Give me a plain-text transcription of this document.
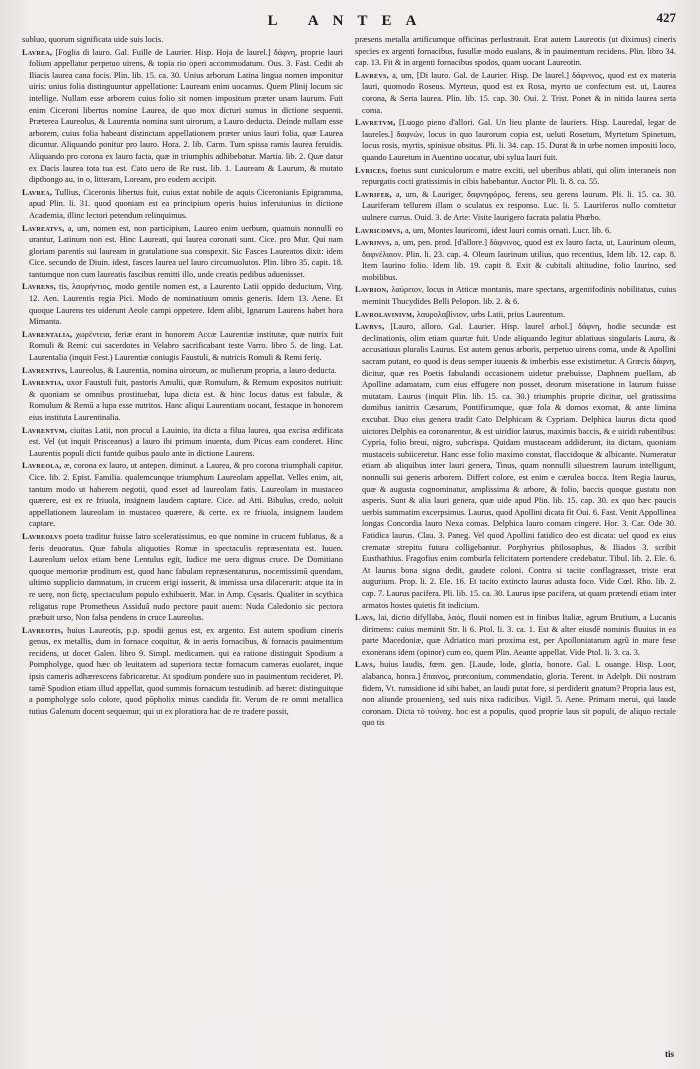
L ANTEA	427

subluo, quorum significata uide suis locis.

Lavrea, [Foglia di lauro. Gal. Fuille de Laurier. Hisp. Hoja de laurel.] δάφνη, proprie lauri folium appellatur perpetuo uirens, & topia rio operi accommodatum. Ous. 3. Fast. Cedit ab Iliacis laurea cana focis. Plin. lib. 15. ca. 30. Unius arborum Latina lingua nomen imponitur uiris: unius folia distinguuntur appellatione: Lauream enim uocamus. Quem Plinij locum sic intellige. Nullam esse arborem cuius folio sit nomen impositum præter unam laurum. Fuit enim Ciceroni libertus nomine Laurea, de quo mox dicturi sumus in dictione sequenti. Præterea Laureolus, & Laurentia nomina sunt uirorum, a Lauro deducta. Deinde nullam esse arborem, cuius folia habeant distinctam appellationem præter unius lauri folia, quæ Laurea dicuntur. Aliquando ponitur pro lauro. Hora. 2. lib. Carm. Tum spissa ramis laurea feruidis. Aliquando pro corona ex lauro facta, quæ in triumphis adhibebatur. Martia. lib. 2. Quæ datur ex Dacis laurea tota tua est. Cato uero de Re rust. lib. 1. Lauream & Laurum, & mutato dipthongo au, in o, litteram, Loream, pro eodem accipit.

Lavrea, Tullius, Ciceronis libertus fuit, cuius extat nobile de aquis Ciceronianis Epigramma, apud Plin. li. 31. quod quoniam est ea principium operis huius inferuiunius in dictione Academia, illinc lectori petendum relinquimus.

Lavreatvs, a, um, nomen est, non participium, Laureo enim uerbum, quamuis nonnulli eo urantur, Latinum non est. Hinc Laureati, qui laurea coronati sunt. Cice. pro Mur. Qui nam gloriam parentis sui lauream in gratulatione sua conspexit. Sic Fasces Laureatos dixit: idem Cice. secundo de Diuin. idest, fasces laurea uel lauro circumuolutos. Plin. libro 35. capit. 18. tantumque non cum laureatis fascibus remitti illo, unde creatis pedibus aduenisset.

Lavrens, tis, λαυρήντιος, modo gentile nomen est, a Laurento Latii oppido deductum, Virg. 12. Aen. Laurentis regia Pici. Modo de nominatiuum omnis generis. Idem 13. Aene. Et quoque Laurens tes uiderunt Aeole campi oppetere. Idem alibi, Ignarum Laurens habet hora Mimanta.

Lavrentalia, χωρέντεια, feriæ erant in honorem Accæ Laurentiæ institutæ, quæ nutrix fuit Romuli & Remi: cui sacerdotes in Velabro sacrificabant teste Varro. libro 5. de ling. Lat. Laurentalia (inquit Fest.) Laurentiæ coniugis Faustuli, & nutricis Romuli & Remi ferię.

Lavrentivs, Laureolus, & Laurentia, nomina uirorum, ac mulierum propria, a lauro deducta.

Lavrentia, uxor Faustuli fuit, pastoris Amulii, quæ Romulum, & Remum expositos nutriuit: & quoniam se omnibus prostituebat, lupa dicta est. & hinc locus datus est fabulæ, & Romulum & Remū a lupa esse nutritos. Hanc aliqui Laurentiam uocant, festaque in honorem eius instituta Laurentinalia.

Lavrentvm, ciuitas Latii, non procul a Lauinio, ita dicta a filua laurea, qua excisa ædificata est. Vel (ut inquit Prisceanus) a lauro ibi primum inuenta, dum Picus eam conderet. Hinc Laurentis populi dicti funtde quibus paulo ante in dictione Laurens.

Lavreola, æ, corona ex lauro, ut antepen. diminut. a Laurea, & pro corona triumphali capitur. Cice. lib. 2. Epist. Familia. qualemcunque triumphum Laureolam appellat. Velles enim, ait, tantum modo ut haberem negotii, quod esset ad laureolam fatis. Laureolam in mustaceo quærere, est ex re friuola, insignem laudem captare. Cice. ad Atti. Bibulus, credo, uoluit appellationem laureolam in mustaceo quærere, & certe. ex re friuola, insignem laudem captare.

Lavreolvs poeta traditur fuisse latro sceleratissimus, eo que nomine in crucem fublatus, & a feris deuoratus. Quæ fabula aliquoties Romæ in spectaculis repræsentata est. Iuuen. Laureolum uelox etiam bene Lentulus egit, Iudice me uera dignus cruce. De Domitiano quoque memoriæ proditum est, quod hanc fabulam repræsentaturus, nocentissimū quendam, ultimo supplicio damnatum, in crucem erigi iusserit, & immissa ursa dilacerarit: atque ita in re uerę, non fictę, spectaculum populo exhibuerit. Mar. in Amp. Cęsaris. Qualiter in scythica religatus rupe Prometheus Assiduâ nudo pectore pauit auem: Nuda Caledonio sic pectora præbuit urso, Non falsa pendens in cruce Laureolus.

Lavreotis, huius Laureotis, p.p. spodii genus est, ex argento. Est autem spodium cineris genus, ex metallis, dum in fornace coquitur, & in aeris fornacibus, & fornacis pauimentum recidens, ut docet Galen. libro 9. Simpl. medicamen. qui ea ratione distinguit Spodium a Pompholyge, quod hæc ob leuitatem ad superiora tectæ fornacum cameras euolaret, inque ipsis cameris adhærescens fabricaretur. At spodium pondere suo in pauimentum recideret. Pl. tamē Spodion etiam illud appellat, quod summis fornacum testudinib. ad hæret: distinguitque a pompholyge solo colore, quod pōpholix minus candida fit. Verum de re omni metallica tutius Galenum docent sequemur, qui ut ex ploratiora hac de re tradere possit,

præsens metalla artificumque officinas perlustrauit. Erat autem Laureotis (ut diximus) cineris species ex argenti fornacibus, fusullæ modo eualans, & in pauimentum recidens. Plin. libro 34. cap. 13. Fit & in argenti fornacibus spodos, quam uocant Laureotin.

Lavrevs, a, um, [Di lauro. Gal. de Laurier. Hisp. De laurel.] δάφνινος, quod est ex materia lauri, quomodo Roseus. Myrteus, quod est ex Rosa, myrto ue confectum est. ut, Laurea corona, & Serta laurea. Plin. lib. 15. cap. 30. Oui. 2. Trist. Ponet & in nitida laurea serta coma.

Lavretvm, [Luogo pieno d'allori. Gal. Un lieu plante de lauriers. Hisp. Lauredal, legar de laureles.] δαφνών, locus in quo laurorum copia est, ueluti Rosetum, Myrtetum Spinetum, locus rosis, myrtis, spinisue obsitus. Pli. li. 34. cap. 15. Durat & in urbe nomen impositi loco, quando Lauretum in Auentino uocatur, ubi sylua lauri fuit.

Lvrices, foetus sunt cuniculorum e matre exciti, uel uberibus ablati, qui olim interaneis non repurgatis cocti gratissimis in cibis habebantur. Auctor Pli. li. 8. ca. 55.

Lavrifer, a, um, & Lauriger, δαφνηφόρος, ferens, seu gerens laurum. Pli. li. 15. ca. 30. Lauriferam tellurem illam o sculatus ex responso. Luc. li. 5. Lauriferos nullo comitetur uulnere currus. Ouid. 3. de Arte: Visite laurigero facrata palatia Phœbo.

Lavricomvs, a, um, Montes lauricomi, idest lauri comis ornati. Lucr. lib. 6.

Lavrinvs, a, um, pen. prod. [d'allore.] δάφνινος, quod est ex lauro facta, ut, Laurinum oleum, δαφνέλαιον. Plin. li. 23. cap. 4. Oleum laurinum utilius, quo recentius, Idem lib. 12. cap. 8. Item laurino folio. Idem lib. 19. capit 8. Exit & cubitali altitudine, folio laurino, sed mobilibus.

Lavrion, λαύρειον, locus in Atticæ montanis, mare spectans, argentifodinis nobilitatus, cuius meminit Thucydides Belli Pelopon. lib. 2. & 6.

Lavrolavinivm, λαυρολαβίνιον, urbs Latii, prius Laurentum.

Lavrvs, [Lauro, alloro. Gal. Laurier. Hisp. laurel arbol.] δάφνη, hodie secundæ est declinationis, olim etiam quartæ fuit. Unde aliquando legitur ablatiuus singularis Lauru, & accusatiuus pluralis Laurus. Est autem genus arboris, perpetuo uirens coma, unde & Apollini sacram putant, eo quod is deus semper iuuenis & imberbis esse existimetur. A Græcis δάφνη, dicitur, quæ res Poetis fabulandi occasionem uidetur præbuisse, Daphnem puellam, ab Apolline adamatam, cum eius effugere non posset, deorum miseratione in laurum fuisse mutatam. Laurus (inquit Plin. lib. 15. ca. 30.) triumphis proprie dicitur, uel gratissima domibus ianitrix Cæsarum, Pontificumque, quæ fola & domos exornat, & ante limina excubat. Duo eius genera tradit Cato Delphicam & Cypriam. Delphica laurus dicta quod uictores Delphis ea coronarentur, & est uiridior laurus, maximis baccis, & e uiridi rubentibus: Cypria, folio breui, nigro, subcrispa. Quidam mustaceam addiderunt, ita dictam, quoniam mustaceis subiiceretur. Hanc esse folio maximo constat, flaccidoque & albicante. Numeratur etiam ab aliquibus inter lauri genera, Tinus, quam nonnulli siluestrem laurum intelligunt, nonnulli sui generis arborem. Differt colore, est enim e cærulea bocca. Item Regia laurus, quæ & augusta cognominatur, amplissima & arbore, & folio, baccis quoque gustatu non asperis. Sunt & alia lauri genera, quæ uide apud Plin. lib. 15. cap. 30. ex quo hæc paucis uerbis summatim excerpsimus. Laurus, quod Apollini dicata fit Oui. 6. Fast. Venit Appollinea longas Concordia lauro Nexa comas. Delphica lauro comam cingere. Hor. 3. Car. Ode 30. Fatidica laurus. Clau. 3. Paneg. Vel quod Apollini fatidico deo est dicata: uel quod ex eius crematæ strepitu futura colligebantur. Porphyrius philosophus, & Iliados 3. scribit Eusthathius. Fragofius enim comburla felicitatem portendere credebatur. Tibul. lib. 2. Ele. 6. At laurus bona signa dedit, gaudete coloni. Contra si tacite conflagrasset, triste erat augurium. Prop. li. 2. Ele. 16. Et tacito extincto laurus adusta foco. Vide Cœl. Rho. lib. 2. cap. 7. Laurus pacifera. Pli. lib. 15. ca. 30. Laurus ipse pacifera, ut quam prætendi etiam inter armatos hostes quietis fit indicium.

Lavs, lai, dictio difyllaba, λαός, fluuii nomen est in finibus Italiæ, agrum Brutium, a Lucanis dirimens: cuius meminit Str. li 6. Ptol. li. 3. ca. 1. Est & alter eiusdē nominis fluuius in ea parte Macedoniæ, quæ Adriatico mari proxima est, per Apolloniatarum agrū in mare fese exonerans idem (opinor) cum eo, quem Plin. Aeante appellat. Vide Ptol. li. 3. ca. 3.

Lavs, huius laudis, fœm. gen. [Laude, lode, gloria, honore. Gal. L ouange. Hisp. Loor, alabanca, honra.] ἔπαινος, præconium, commendatio, gloria. Terent. in Adelph. Dii nostram fidem, Vt. rumsidione id sibi habet, an laudi putat fore, si perdiderit gnatum? Propria laus est, non aliunde prouenienȝ, sed suis nixa radicibus. Vigil. 5. Aene. Primam merui, qui laude coronam. Dicta τò τούναχ. hoc est a populis, quod proprie laus sit populi, de aliquo rectale quo tis

tis
